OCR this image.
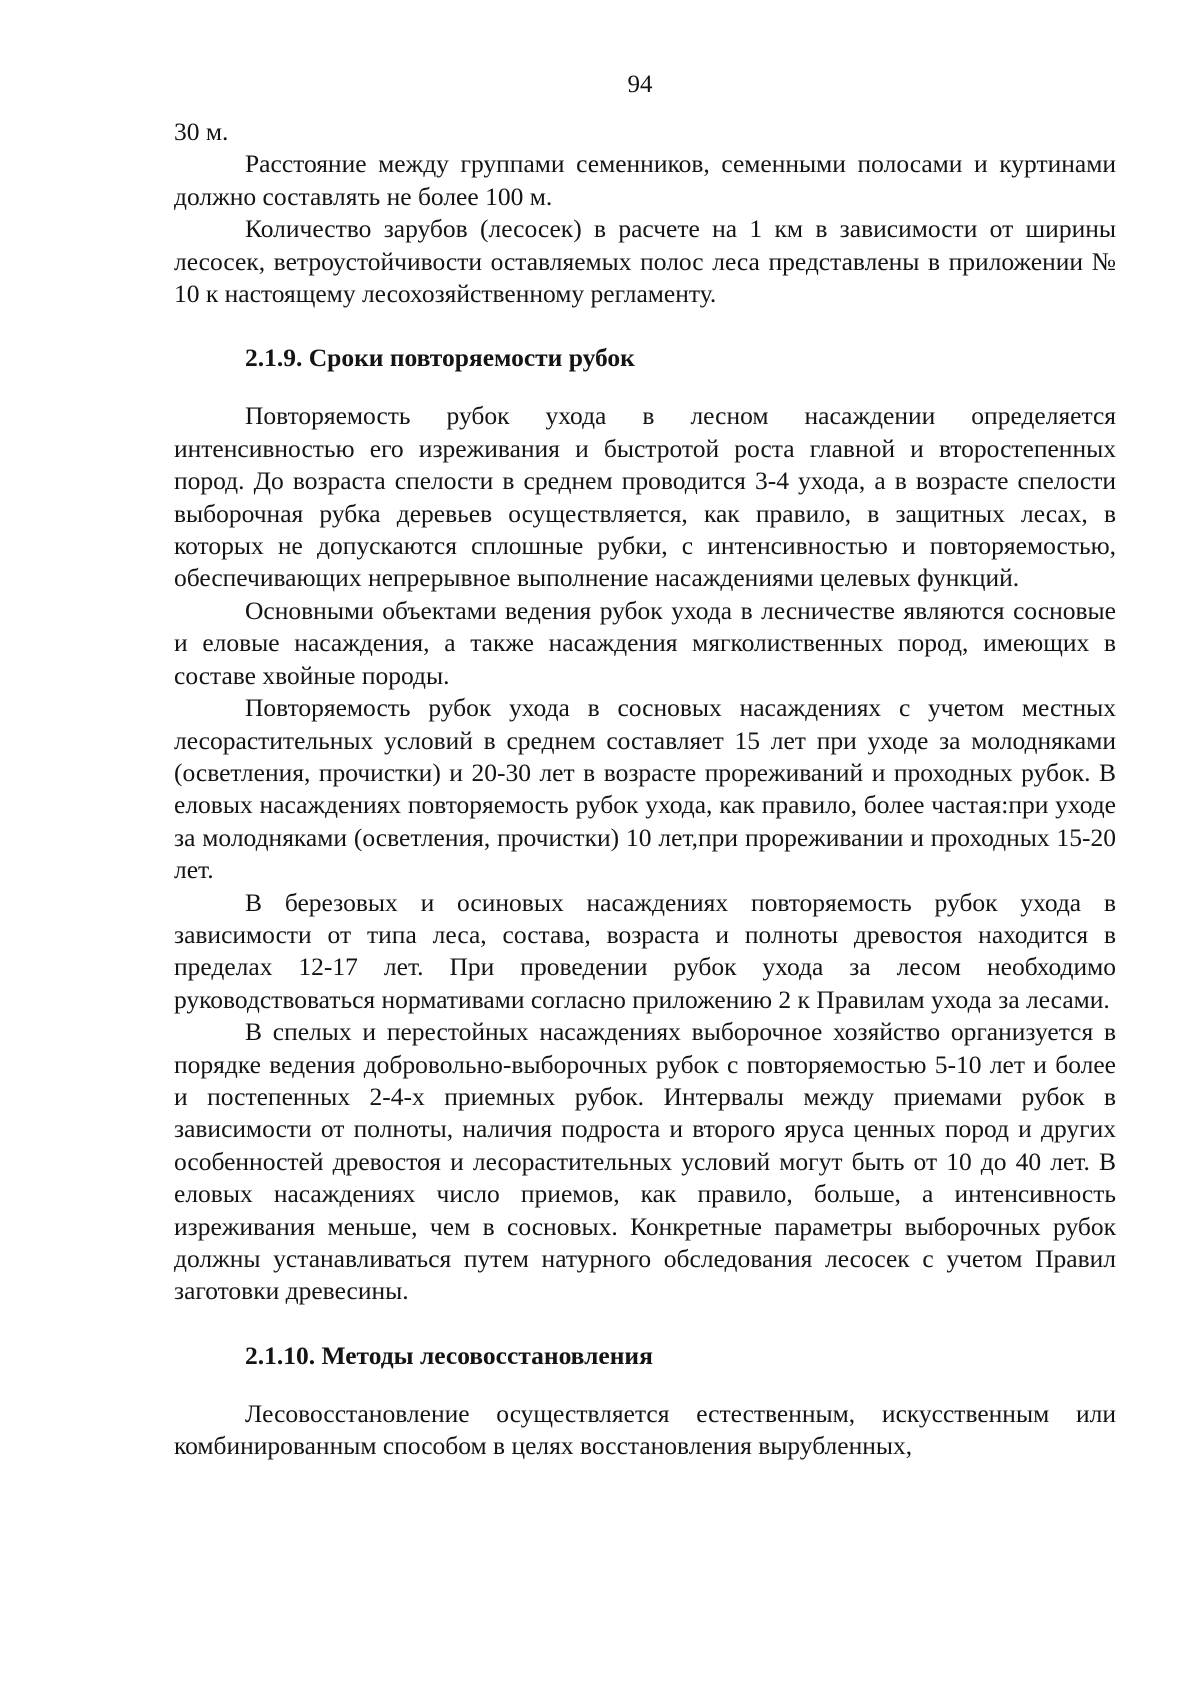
94

30 м.

Расстояние между группами семенников, семенными полосами и куртинами должно составлять не более 100 м.

Количество зарубов (лесосек) в расчете на 1 км в зависимости от ширины лесосек, ветроустойчивости оставляемых полос леса представлены в приложении № 10 к настоящему лесохозяйственному регламенту.

2.1.9. Сроки повторяемости рубок

Повторяемость рубок ухода в лесном насаждении определяется интенсивностью его изреживания и быстротой роста главной и второстепенных пород. До возраста спелости в среднем проводится 3-4 ухода, а в возрасте спелости выборочная рубка деревьев осуществляется, как правило, в защитных лесах, в которых не допускаются сплошные рубки, с интенсивностью и повторяемостью, обеспечивающих непрерывное выполнение насаждениями целевых функций.

Основными объектами ведения рубок ухода в лесничестве являются сосновые и еловые насаждения, а также насаждения мягколиственных пород, имеющих в составе хвойные породы.

Повторяемость рубок ухода в сосновых насаждениях с учетом местных лесорастительных условий в среднем составляет 15 лет при уходе за молодняками (осветления, прочистки) и 20-30 лет в возрасте прореживаний и проходных рубок. В еловых насаждениях повторяемость рубок ухода, как правило, более частая:при уходе за молодняками (осветления, прочистки) 10 лет,при прореживании и проходных 15-20 лет.

В березовых и осиновых насаждениях повторяемость рубок ухода в зависимости от типа леса, состава, возраста и полноты древостоя находится в пределах 12-17 лет. При проведении рубок ухода за лесом необходимо руководствоваться нормативами согласно приложению 2 к Правилам ухода за лесами.

В спелых и перестойных насаждениях выборочное хозяйство организуется в порядке ведения добровольно-выборочных рубок с повторяемостью 5-10 лет и более и постепенных 2-4-х приемных рубок. Интервалы между приемами рубок в зависимости от полноты, наличия подроста и второго яруса ценных пород и других особенностей древостоя и лесорастительных условий могут быть от 10 до 40 лет. В еловых насаждениях число приемов, как правило, больше, а интенсивность изреживания меньше, чем в сосновых. Конкретные параметры выборочных рубок должны устанавливаться путем натурного обследования лесосек с учетом Правил заготовки древесины.

2.1.10. Методы лесовосстановления

Лесовосстановление осуществляется естественным, искусственным или комбинированным способом в целях восстановления вырубленных,
